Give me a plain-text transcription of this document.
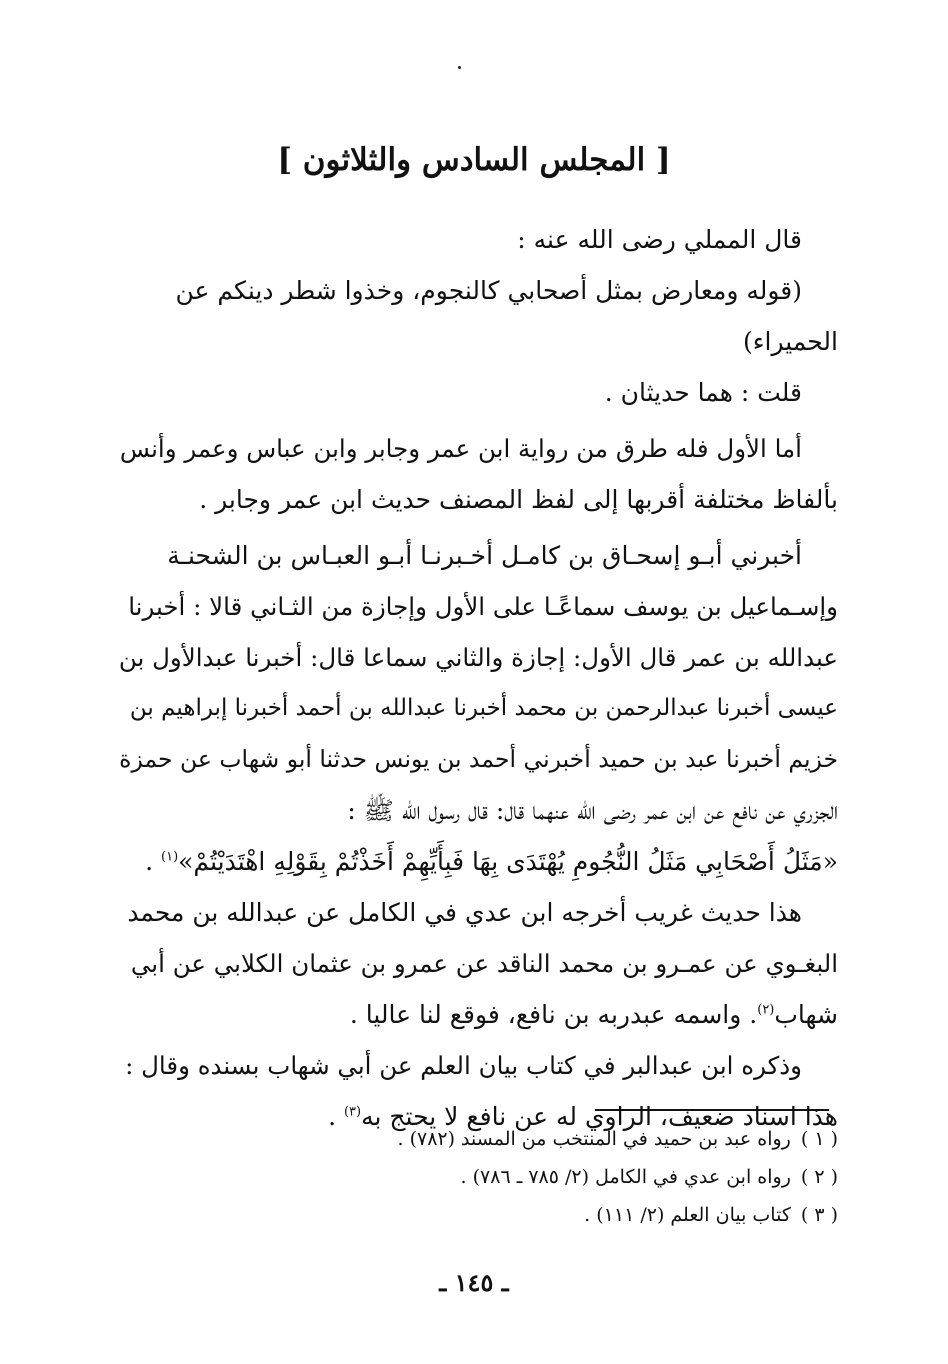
[ المجلس السادس والثلاثون ]
قال المملي رضى الله عنه :
(قوله ومعارض بمثل أصحابي كالنجوم، وخذوا شطر دينكم عن
الحميراء)
قلت : هما حديثان .
أما الأول فله طرق من رواية ابن عمر وجابر وابن عباس وعمر وأنس
بألفاظ مختلفة أقربها إلى لفظ المصنف حديث ابن عمر وجابر .
أخبرني أبـو إسحـاق بن كامـل أخـبرنـا أبـو العبـاس بن الشحنـة
وإسـماعيل بن يوسف سماعًـا على الأول وإجازة من الثـاني قالا : أخبرنا
عبدالله بن عمر قال الأول: إجازة والثاني سماعا قال: أخبرنا عبدالأول بن
عيسى أخبرنا عبدالرحمن بن محمد أخبرنا عبدالله بن أحمد أخبرنا إبراهيم بن
خزيم أخبرنا عبد بن حميد أخبرني أحمد بن يونس حدثنا أبو شهاب عن حمزة
الجزري عن نافع عن ابن عمر رضى الله عنهما قال: قال رسول الله ﷺ :
«مَثَلُ أَصْحَابِي مَثَلُ النُّجُومِ يُهْتَدَى بِهَا فَبِأَيِّهِمْ أَخَذْتُمْ بِقَوْلِهِ اهْتَدَيْتُمْ»$^{(١)}$ .
هذا حديث غريب أخرجه ابن عدي في الكامل عن عبدالله بن محمد
البغـوي عن عمـرو بن محمد الناقد عن عمرو بن عثمان الكلابي عن أبي
شهاب$^{(٢)}$. واسمه عبدربه بن نافع، فوقع لنا عاليا .
وذكره ابن عبدالبر في كتاب بيان العلم عن أبي شهاب بسنده وقال :
هذا اسناد ضعيف، الراوي له عن نافع لا يحتج به$^{(٣)}$ .
( ١ )رواه عبد بن حميد في المنتخب من المسند (٧٨٢) .
( ٢ )رواه ابن عدي في الكامل (٢/ ٧٨٥ ـ ٧٨٦) .
( ٣ )كتاب بيان العلم (٢/ ١١١) .
ـ ١٤٥ ـ
